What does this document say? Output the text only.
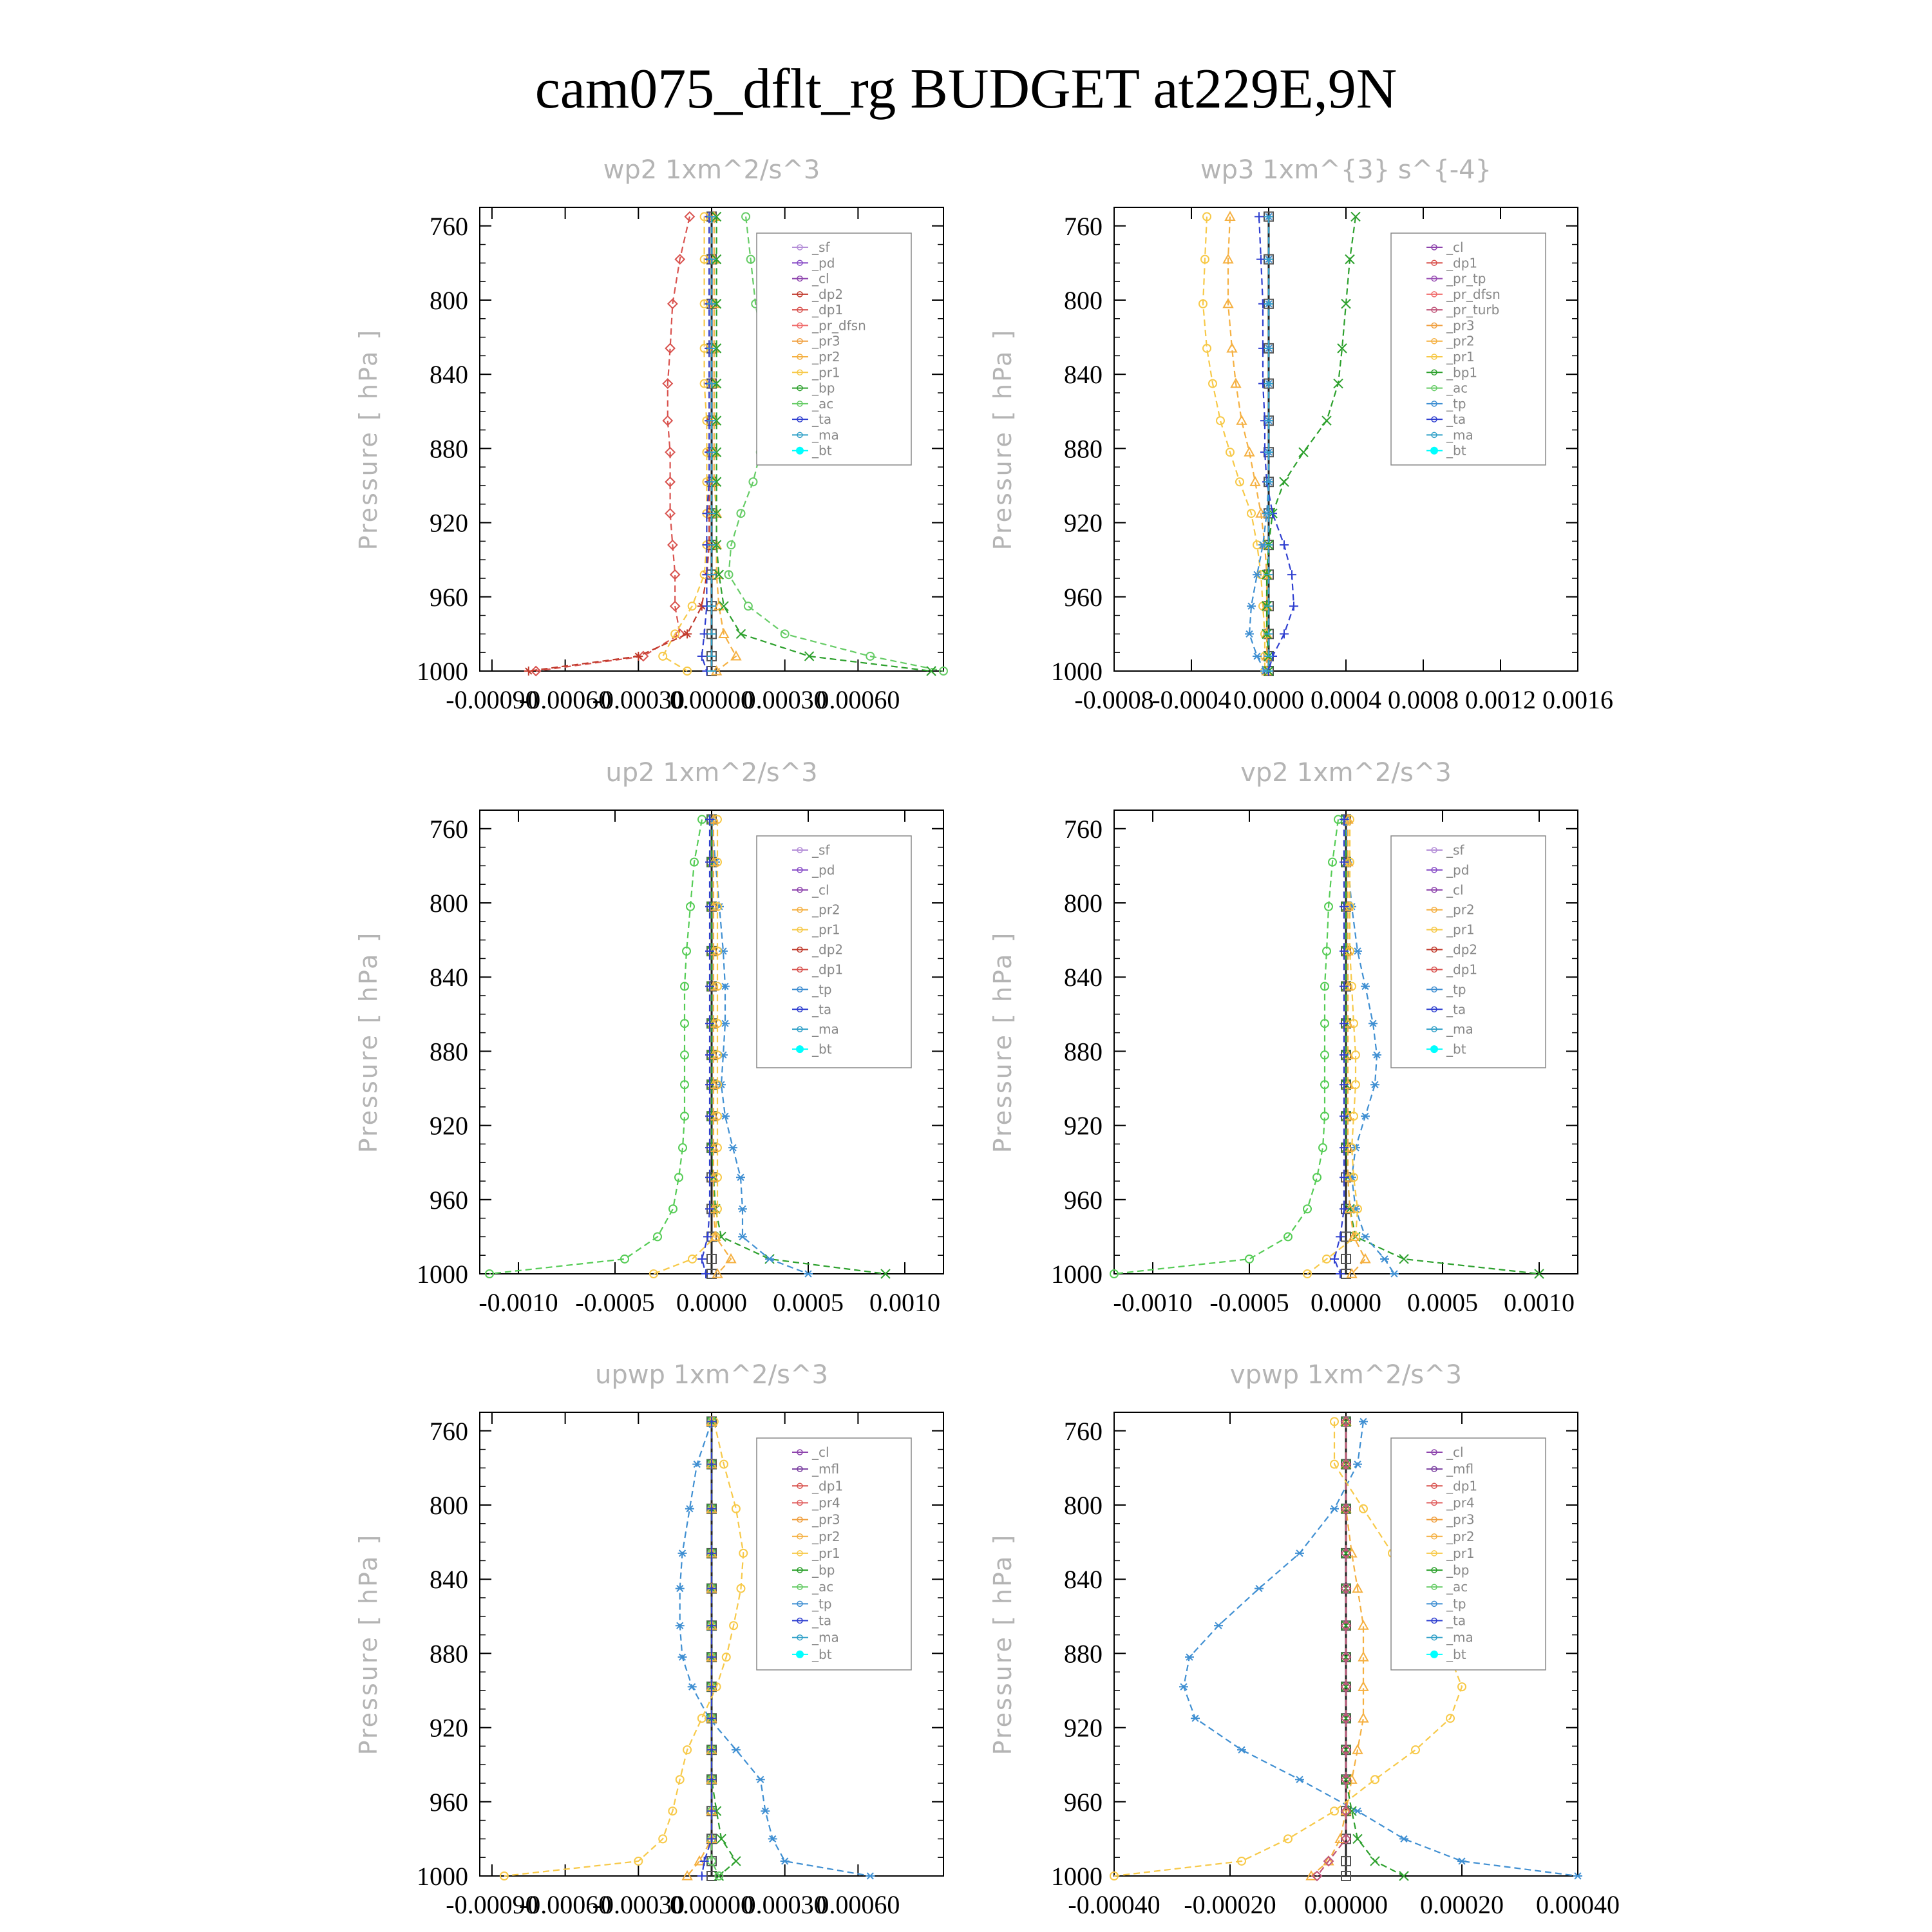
cam075_dflt_rg BUDGET at229E,9N
wp2 1xm^2/s^3
Pressure [ hPa ]
760
800
840
880
920
960
1000
-0.00090
-0.00060
-0.00030
0.00000
0.00030
0.00060
_sf
_pd
_cl
_dp2
_dp1
_pr_dfsn
_pr3
_pr2
_pr1
_bp
_ac
_ta
_ma
_bt
wp3 1xm^{3} s^{-4}
Pressure [ hPa ]
760
800
840
880
920
960
1000
-0.0008
-0.0004 0.0000 0.0004 0.0008 0.0012 0.0016
_cl
_dp1
_pr_tp
_pr_dfsn
_pr_turb
_pr3
_pr2
_pr1
_bp1
_ac
_tp
_ta
_ma
_bt
up2 1xm^2/s^3
Pressure [ hPa ]
760
800
840
880
920
960
1000
-0.0010 -0.0005 0.0000 0.0005 0.0010
_sf
_pd
_cl
_pr2
_pr1
_dp2
_dp1
_tp
_ta
_ma
_bt
vp2 1xm^2/s^3
Pressure [ hPa ]
760
800
840
880
920
960
1000
-0.0010 -0.0005 0.0000 0.0005 0.0010
_sf
_pd
_cl
_pr2
_pr1
_dp2
_dp1
_tp
_ta
_ma
_bt
upwp 1xm^2/s^3
Pressure [ hPa ]
760
800
840
880
920
960
1000
-0.00090
-0.00060
-0.00030
0.00000
0.00030
0.00060
_cl
_mfl
_dp1
_pr4
_pr3
_pr2
_pr1
_bp
_ac
_tp
_ta
_ma
_bt
vpwp 1xm^2/s^3
Pressure [ hPa ]
760
800
840
880
920
960
1000
-0.00040 -0.00020 0.00000 0.00020 0.00040
_cl
_mfl
_dp1
_pr4
_pr3
_pr2
_pr1
_bp
_ac
_tp
_ta
_ma
_bt
